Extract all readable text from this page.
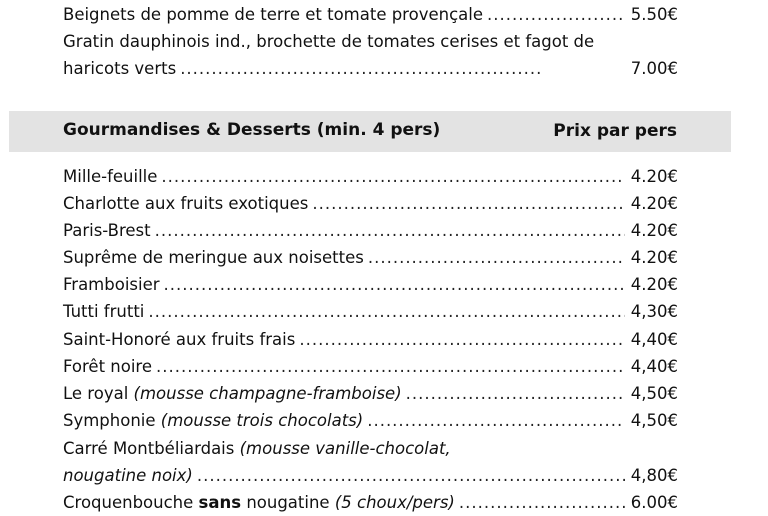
Beignets de pomme de terre et tomate provençale .....	5.50€
Gratin dauphinois ind., brochette de tomates cerises et fagot de
haricots verts .....	7.00€
Gourmandises & Desserts (min. 4 pers)	Prix par pers
Mille-feuille .....	4.20€
Charlotte aux fruits exotiques .....	4.20€
Paris-Brest .....	4.20€
Suprême de meringue aux noisettes .....	4.20€
Framboisier .....	4.20€
Tutti frutti .....	4,30€
Saint-Honoré aux fruits frais .....	4,40€
Forêt noire .....	4,40€
Le royal (mousse champagne-framboise) .....	4,50€
Symphonie (mousse trois chocolats) .....	4,50€
Carré Montbéliardais (mousse vanille-chocolat,
nougatine noix) .....	4,80€
Croquenbouche sans nougatine (5 choux/pers) .....	6.00€
